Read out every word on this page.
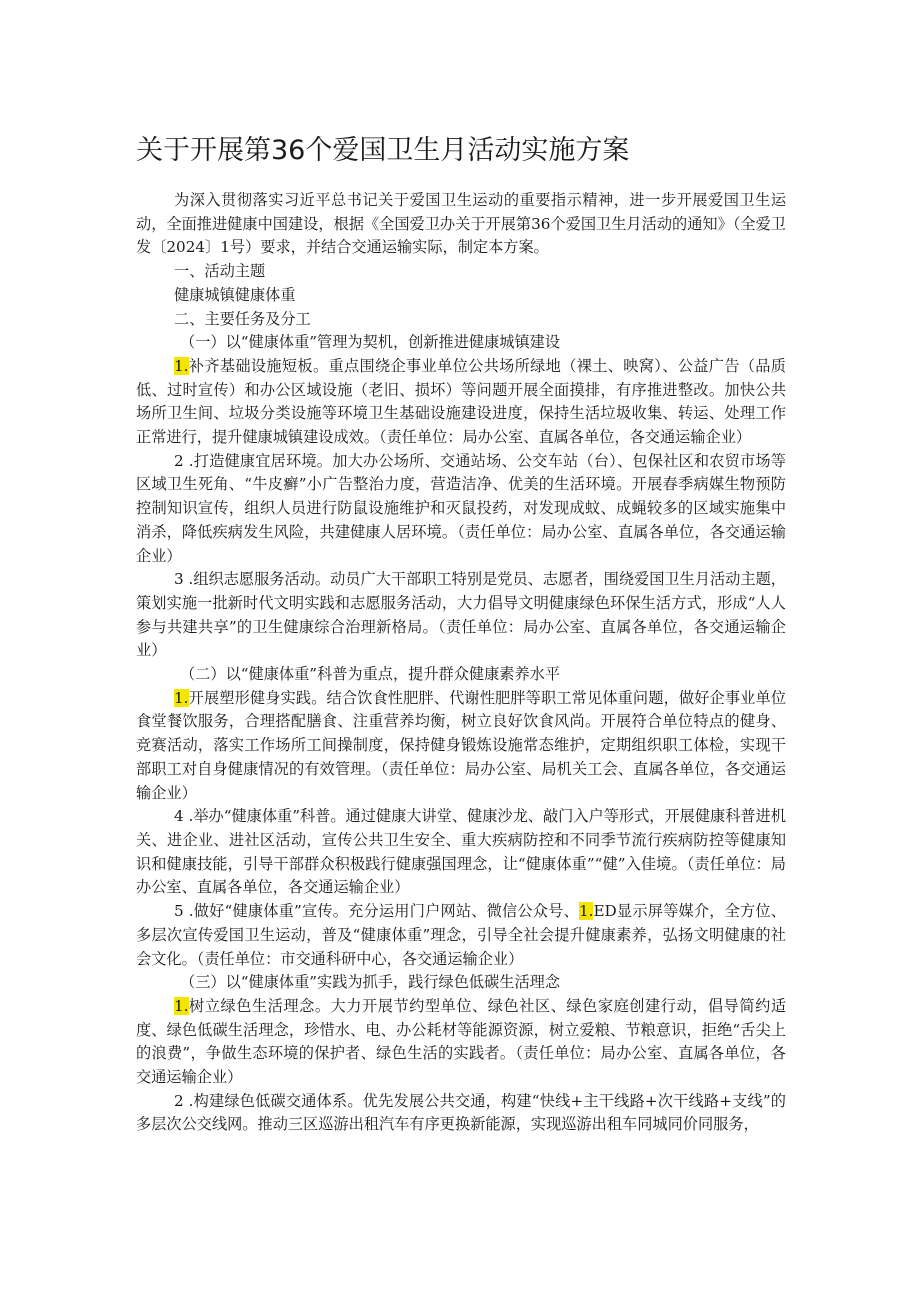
关于开展第36个爱国卫生月活动实施方案

为深入贯彻落实习近平总书记关于爱国卫生运动的重要指示精神，进一步开展爱国卫生运动，全面推进健康中国建设，根据《全国爱卫办关于开展第36个爱国卫生月活动的通知》（全爱卫发〔2024〕1号）要求，并结合交通运输实际，制定本方案。

一、活动主题

健康城镇健康体重

二、主要任务及分工

（一）以“健康体重”管理为契机，创新推进健康城镇建设

1.补齐基础设施短板。重点围绕企事业单位公共场所绿地（裸土、映窝）、公益广告（品质低、过时宣传）和办公区域设施（老旧、损坏）等问题开展全面摸排，有序推进整改。加快公共场所卫生间、垃圾分类设施等环境卫生基础设施建设进度，保持生活垃圾收集、转运、处理工作正常进行，提升健康城镇建设成效。（责任单位：局办公室、直属各单位，各交通运输企业）

2 .打造健康宜居环境。加大办公场所、交通站场、公交车站（台）、包保社区和农贸市场等区域卫生死角、“牛皮癣”小广告整治力度，营造洁净、优美的生活环境。开展春季病媒生物预防控制知识宣传，组织人员进行防鼠设施维护和灭鼠投药，对发现成蚊、成蝇较多的区域实施集中消杀，降低疾病发生风险，共建健康人居环境。（责任单位：局办公室、直属各单位，各交通运输企业）

3 .组织志愿服务活动。动员广大干部职工特别是党员、志愿者，围绕爱国卫生月活动主题，策划实施一批新时代文明实践和志愿服务活动，大力倡导文明健康绿色环保生活方式，形成“人人参与共建共享”的卫生健康综合治理新格局。（责任单位：局办公室、直属各单位，各交通运输企业）

（二）以“健康体重”科普为重点，提升群众健康素养水平

1.开展塑形健身实践。结合饮食性肥胖、代谢性肥胖等职工常见体重问题，做好企事业单位食堂餐饮服务，合理搭配膳食、注重营养均衡，树立良好饮食风尚。开展符合单位特点的健身、竞赛活动，落实工作场所工间操制度，保持健身锻炼设施常态维护，定期组织职工体检，实现干部职工对自身健康情况的有效管理。（责任单位：局办公室、局机关工会、直属各单位，各交通运输企业）

4 .举办“健康体重”科普。通过健康大讲堂、健康沙龙、敲门入户等形式，开展健康科普进机关、进企业、进社区活动，宣传公共卫生安全、重大疾病防控和不同季节流行疾病防控等健康知识和健康技能，引导干部群众积极践行健康强国理念，让“健康体重”“健”入佳境。（责任单位：局办公室、直属各单位，各交通运输企业）

5 .做好“健康体重”宣传。充分运用门户网站、微信公众号、1.ED显示屏等媒介，全方位、多层次宣传爱国卫生运动，普及“健康体重”理念，引导全社会提升健康素养，弘扬文明健康的社会文化。（责任单位：市交通科研中心，各交通运输企业）

（三）以“健康体重”实践为抓手，践行绿色低碳生活理念

1.树立绿色生活理念。大力开展节约型单位、绿色社区、绿色家庭创建行动，倡导简约适度、绿色低碳生活理念，珍惜水、电、办公耗材等能源资源，树立爱粮、节粮意识，拒绝“舌尖上的浪费”，争做生态环境的保护者、绿色生活的实践者。（责任单位：局办公室、直属各单位，各交通运输企业）

2 .构建绿色低碳交通体系。优先发展公共交通，构建“快线+主干线路+次干线路+支线”的多层次公交线网。推动三区巡游出租汽车有序更换新能源，实现巡游出租车同城同价同服务，
